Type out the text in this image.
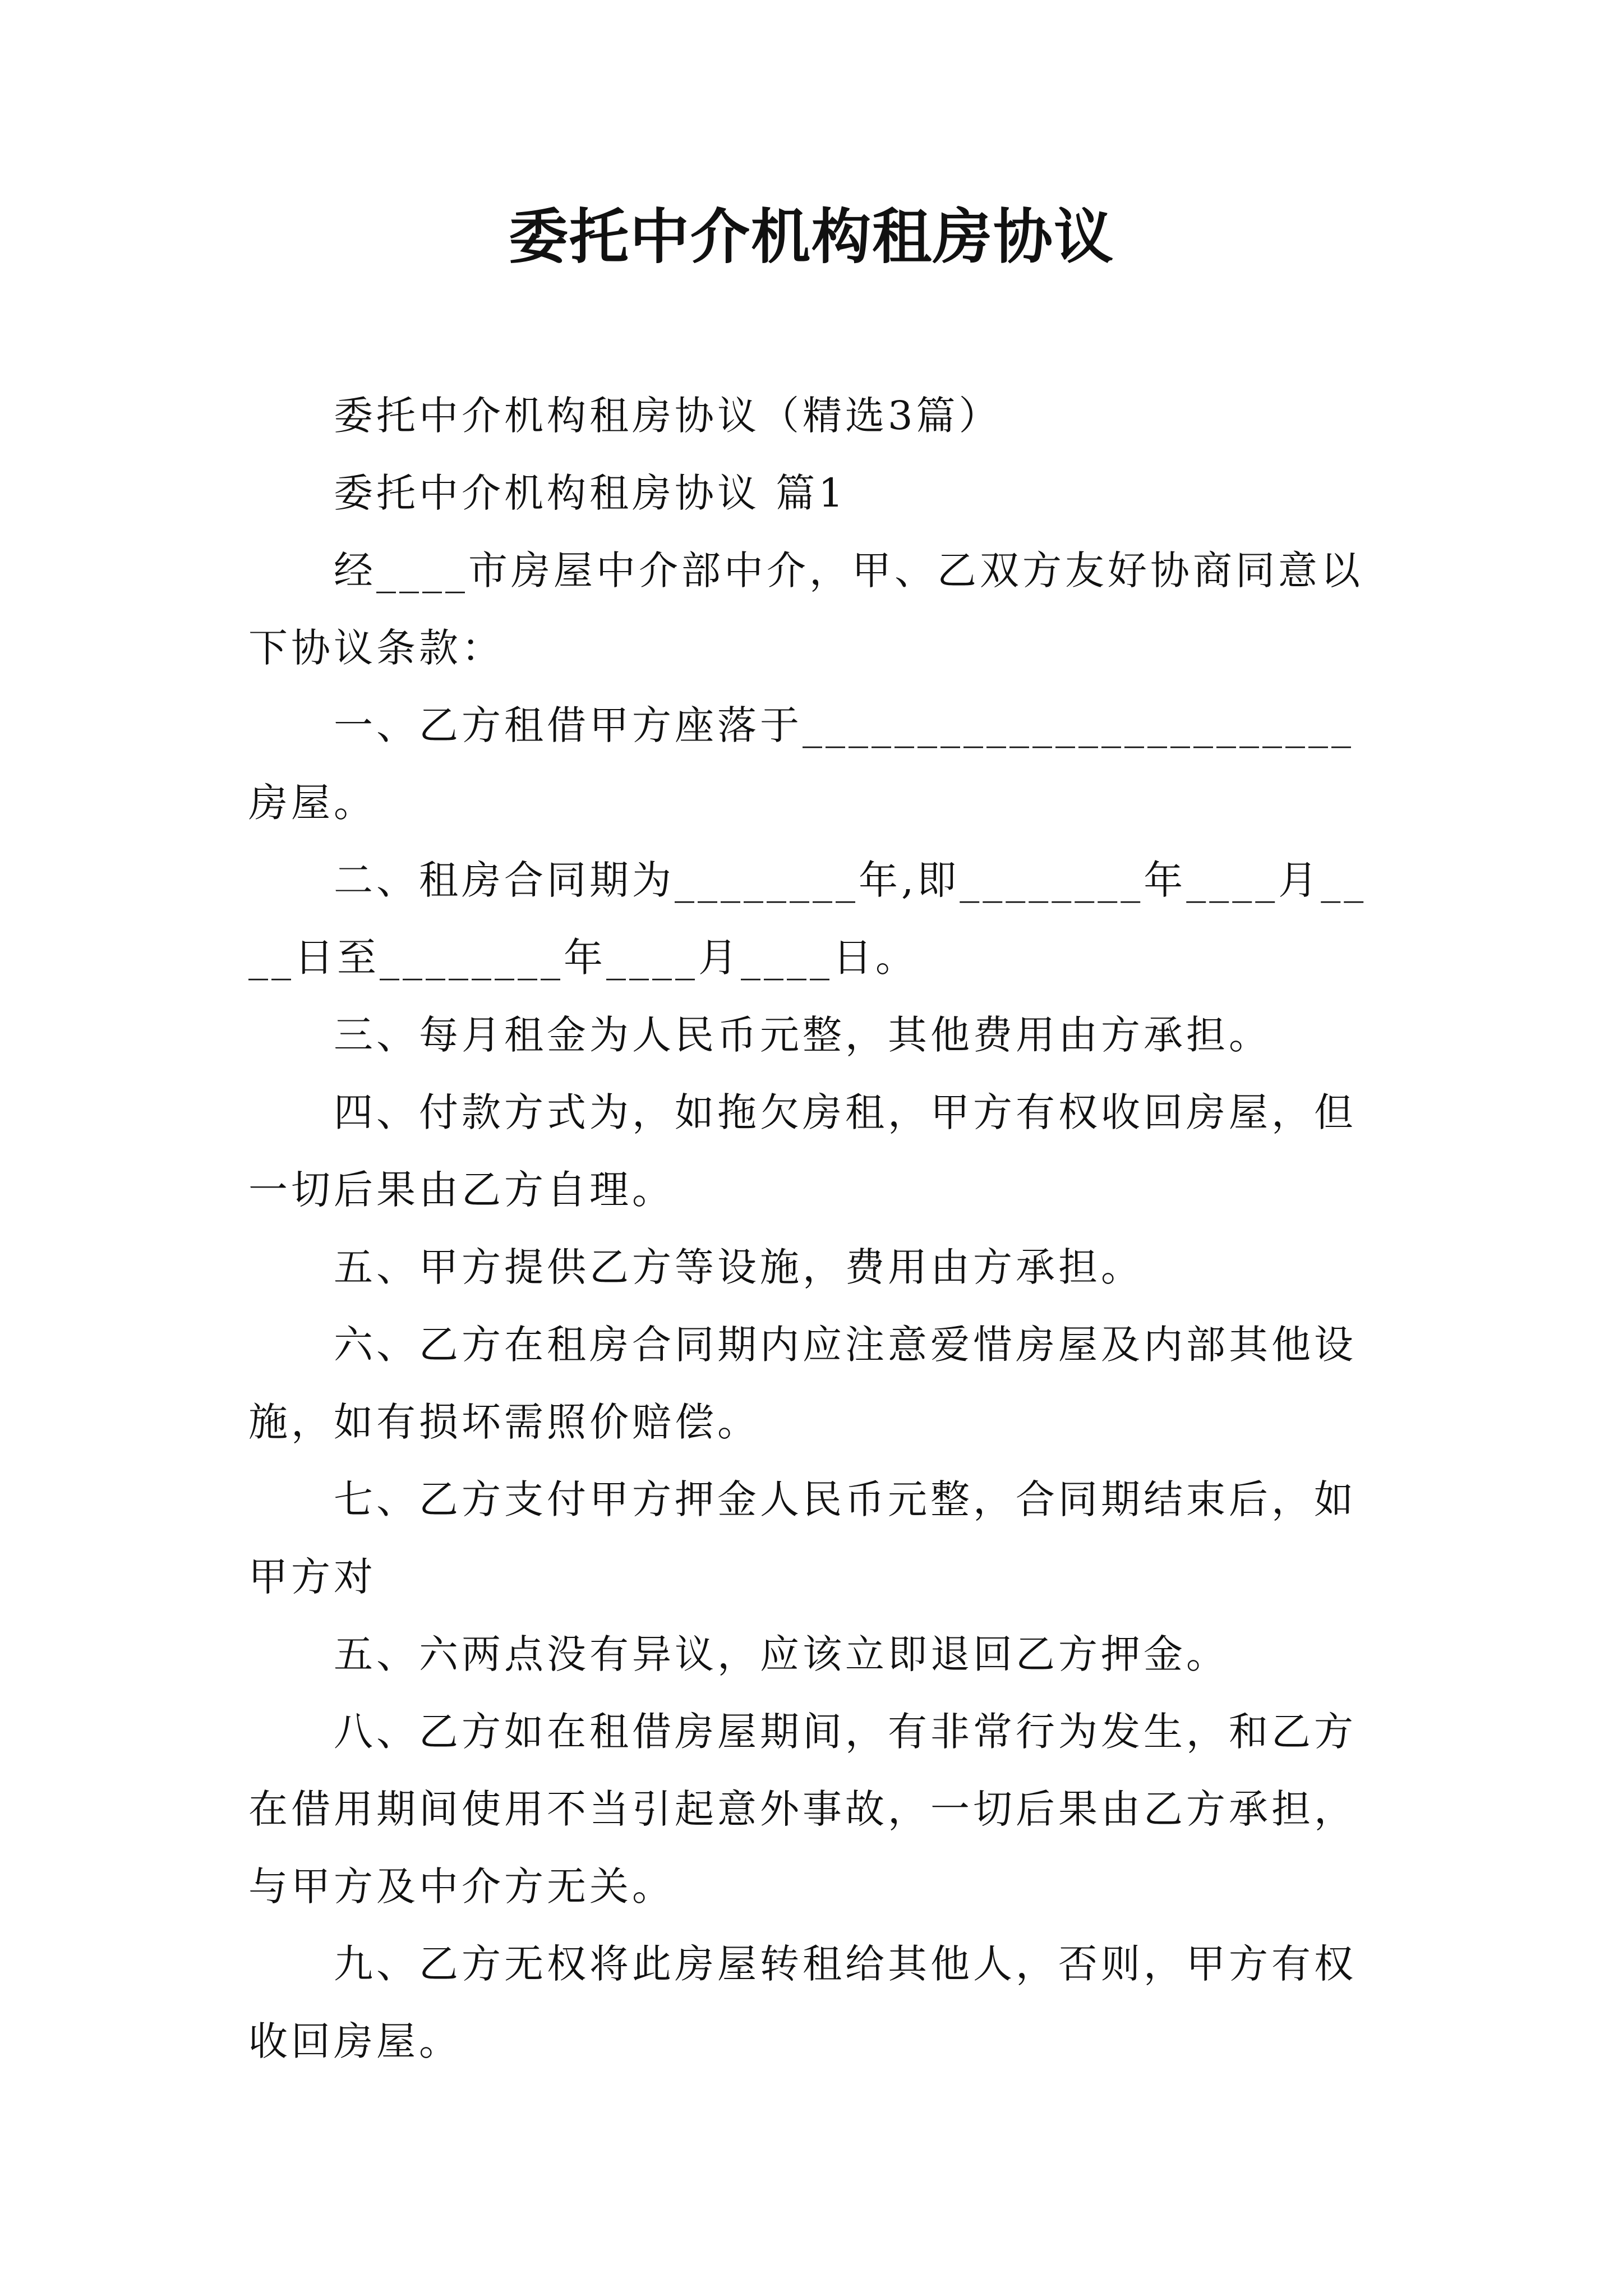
委托中介机构租房协议

委托中介机构租房协议（精选3篇）

委托中介机构租房协议 篇1

经____市房屋中介部中介，甲、乙双方友好协商同意以下协议条款：

一、乙方租借甲方座落于________________________房屋。

二、租房合同期为________年,即________年____月____日至________年____月____日。

三、每月租金为人民币元整，其他费用由方承担。

四、付款方式为，如拖欠房租，甲方有权收回房屋，但一切后果由乙方自理。

五、甲方提供乙方等设施，费用由方承担。

六、乙方在租房合同期内应注意爱惜房屋及内部其他设施，如有损坏需照价赔偿。

七、乙方支付甲方押金人民币元整，合同期结束后，如甲方对

五、六两点没有异议，应该立即退回乙方押金。

八、乙方如在租借房屋期间，有非常行为发生，和乙方在借用期间使用不当引起意外事故，一切后果由乙方承担，与甲方及中介方无关。

九、乙方无权将此房屋转租给其他人，否则，甲方有权收回房屋。
